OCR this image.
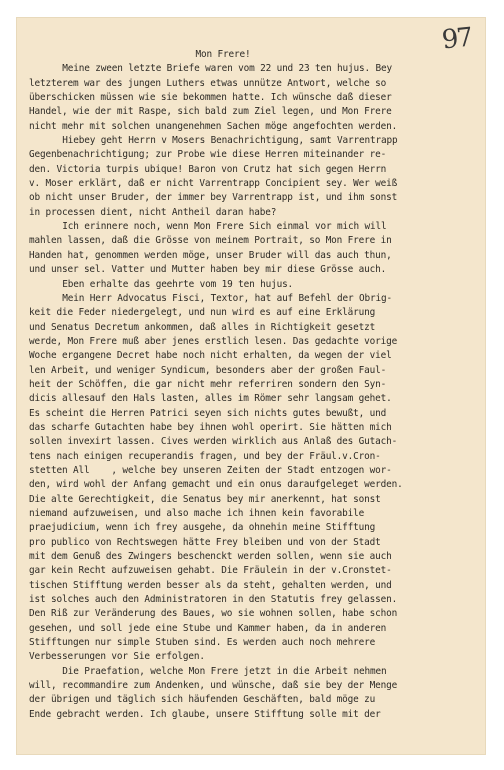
97
Mon Frere!
Meine zween letzte Briefe waren vom 22 und 23 ten hujus. Bey
letzterem war des jungen Luthers etwas unnütze Antwort, welche so
überschicken müssen wie sie bekommen hatte. Ich wünsche daß dieser
Handel, wie der mit Raspe, sich bald zum Ziel legen, und Mon Frere
nicht mehr mit solchen unangenehmen Sachen möge angefochten werden.
Hiebey geht Herrn v Mosers Benachrichtigung, samt Varrentrapp
Gegenbenachrichtigung; zur Probe wie diese Herren miteinander re-
den. Victoria turpis ubique! Baron von Crutz hat sich gegen Herrn
v. Moser erklärt, daß er nicht Varrentrapp Concipient sey. Wer weiß
ob nicht unser Bruder, der immer bey Varrentrapp ist, und ihm sonst
in processen dient, nicht Antheil daran habe?
Ich erinnere noch, wenn Mon Frere Sich einmal vor mich will
mahlen lassen, daß die Grösse von meinem Portrait, so Mon Frere in
Handen hat, genommen werden möge, unser Bruder will das auch thun,
und unser sel. Vatter und Mutter haben bey mir diese Grösse auch.
Eben erhalte das geehrte vom 19 ten hujus.
Mein Herr Advocatus Fisci, Textor, hat auf Befehl der Obrig-
keit die Feder niedergelegt, und nun wird es auf eine Erklärung
und Senatus Decretum ankommen, daß alles in Richtigkeit gesetzt
werde, Mon Frere muß aber jenes erstlich lesen. Das gedachte vorige
Woche ergangene Decret habe noch nicht erhalten, da wegen der viel
len Arbeit, und weniger Syndicum, besonders aber der großen Faul-
heit der Schöffen, die gar nicht mehr referriren sondern den Syn-
dicis allesauf den Hals lasten, alles im Römer sehr langsam gehet.
Es scheint die Herren Patrici seyen sich nichts gutes bewußt, und
das scharfe Gutachten habe bey ihnen wohl operirt. Sie hätten mich
sollen invexirt lassen. Cives werden wirklich aus Anlaß des Gutach-
tens nach einigen recuperandis fragen, und bey der Fräul.v.Cron-
stetten All    , welche bey unseren Zeiten der Stadt entzogen wor-
den, wird wohl der Anfang gemacht und ein onus daraufgeleget werden.
Die alte Gerechtigkeit, die Senatus bey mir anerkennt, hat sonst
niemand aufzuweisen, und also mache ich ihnen kein favorabile
praejudicium, wenn ich frey ausgehe, da ohnehin meine Stifftung
pro publico von Rechtswegen hätte Frey bleiben und von der Stadt
mit dem Genuß des Zwingers beschenckt werden sollen, wenn sie auch
gar kein Recht aufzuweisen gehabt. Die Fräulein in der v.Cronstet-
tischen Stifftung werden besser als da steht, gehalten werden, und
ist solches auch den Administratoren in den Statutis frey gelassen.
Den Riß zur Veränderung des Baues, wo sie wohnen sollen, habe schon
gesehen, und soll jede eine Stube und Kammer haben, da in anderen
Stifftungen nur simple Stuben sind. Es werden auch noch mehrere
Verbesserungen vor Sie erfolgen.
Die Praefation, welche Mon Frere jetzt in die Arbeit nehmen
will, recommandire zum Andenken, und wünsche, daß sie bey der Menge
der übrigen und täglich sich häufenden Geschäften, bald möge zu
Ende gebracht werden. Ich glaube, unsere Stifftung solle mit der
